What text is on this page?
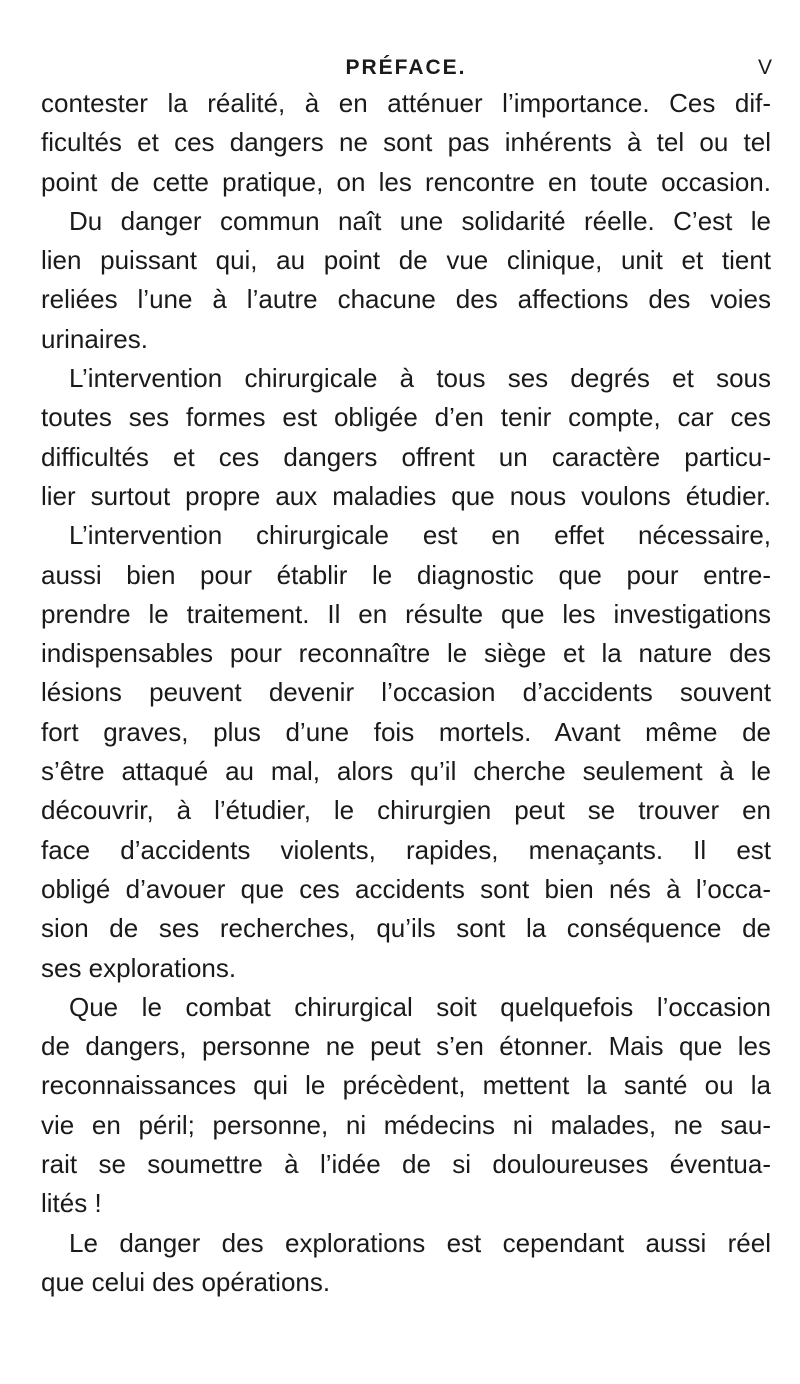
PRÉFACE.	V
contester la réalité, à en atténuer l’importance. Ces dif-
ficultés et ces dangers ne sont pas inhérents à tel ou tel
point de cette pratique, on les rencontre en toute occasion.
Du danger commun naît une solidarité réelle. C’est le
lien puissant qui, au point de vue clinique, unit et tient
reliées l’une à l’autre chacune des affections des voies
urinaires.
L’intervention chirurgicale à tous ses degrés et sous
toutes ses formes est obligée d’en tenir compte, car ces
difficultés et ces dangers offrent un caractère particu-
lier surtout propre aux maladies que nous voulons étudier.
L’intervention chirurgicale est en effet nécessaire,
aussi bien pour établir le diagnostic que pour entre-
prendre le traitement. Il en résulte que les investigations
indispensables pour reconnaître le siège et la nature des
lésions peuvent devenir l’occasion d’accidents souvent
fort graves, plus d’une fois mortels. Avant même de
s’être attaqué au mal, alors qu’il cherche seulement à le
découvrir, à l’étudier, le chirurgien peut se trouver en
face d’accidents violents, rapides, menaçants. Il est
obligé d’avouer que ces accidents sont bien nés à l’occa-
sion de ses recherches, qu’ils sont la conséquence de
ses explorations.
Que le combat chirurgical soit quelquefois l’occasion
de dangers, personne ne peut s’en étonner. Mais que les
reconnaissances qui le précèdent, mettent la santé ou la
vie en péril; personne, ni médecins ni malades, ne sau-
rait se soumettre à l’idée de si douloureuses éventua-
lités !
Le danger des explorations est cependant aussi réel
que celui des opérations.
